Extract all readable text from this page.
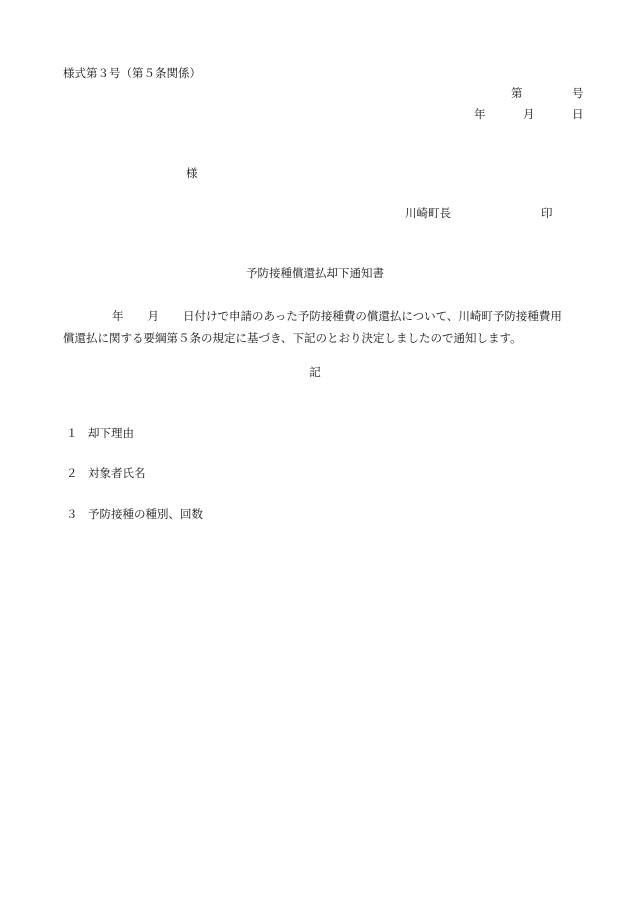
様式第３号（第５条関係）
第	号
年	月	日
様
川崎町長	印
予防接種償還払却下通知書
年 月 日付けで申請のあった予防接種費の償還払について、川崎町予防接種費用
償還払に関する要綱第５条の規定に基づき、下記のとおり決定しましたので通知します。
記
１ 却下理由
２ 対象者氏名
３ 予防接種の種別、回数
